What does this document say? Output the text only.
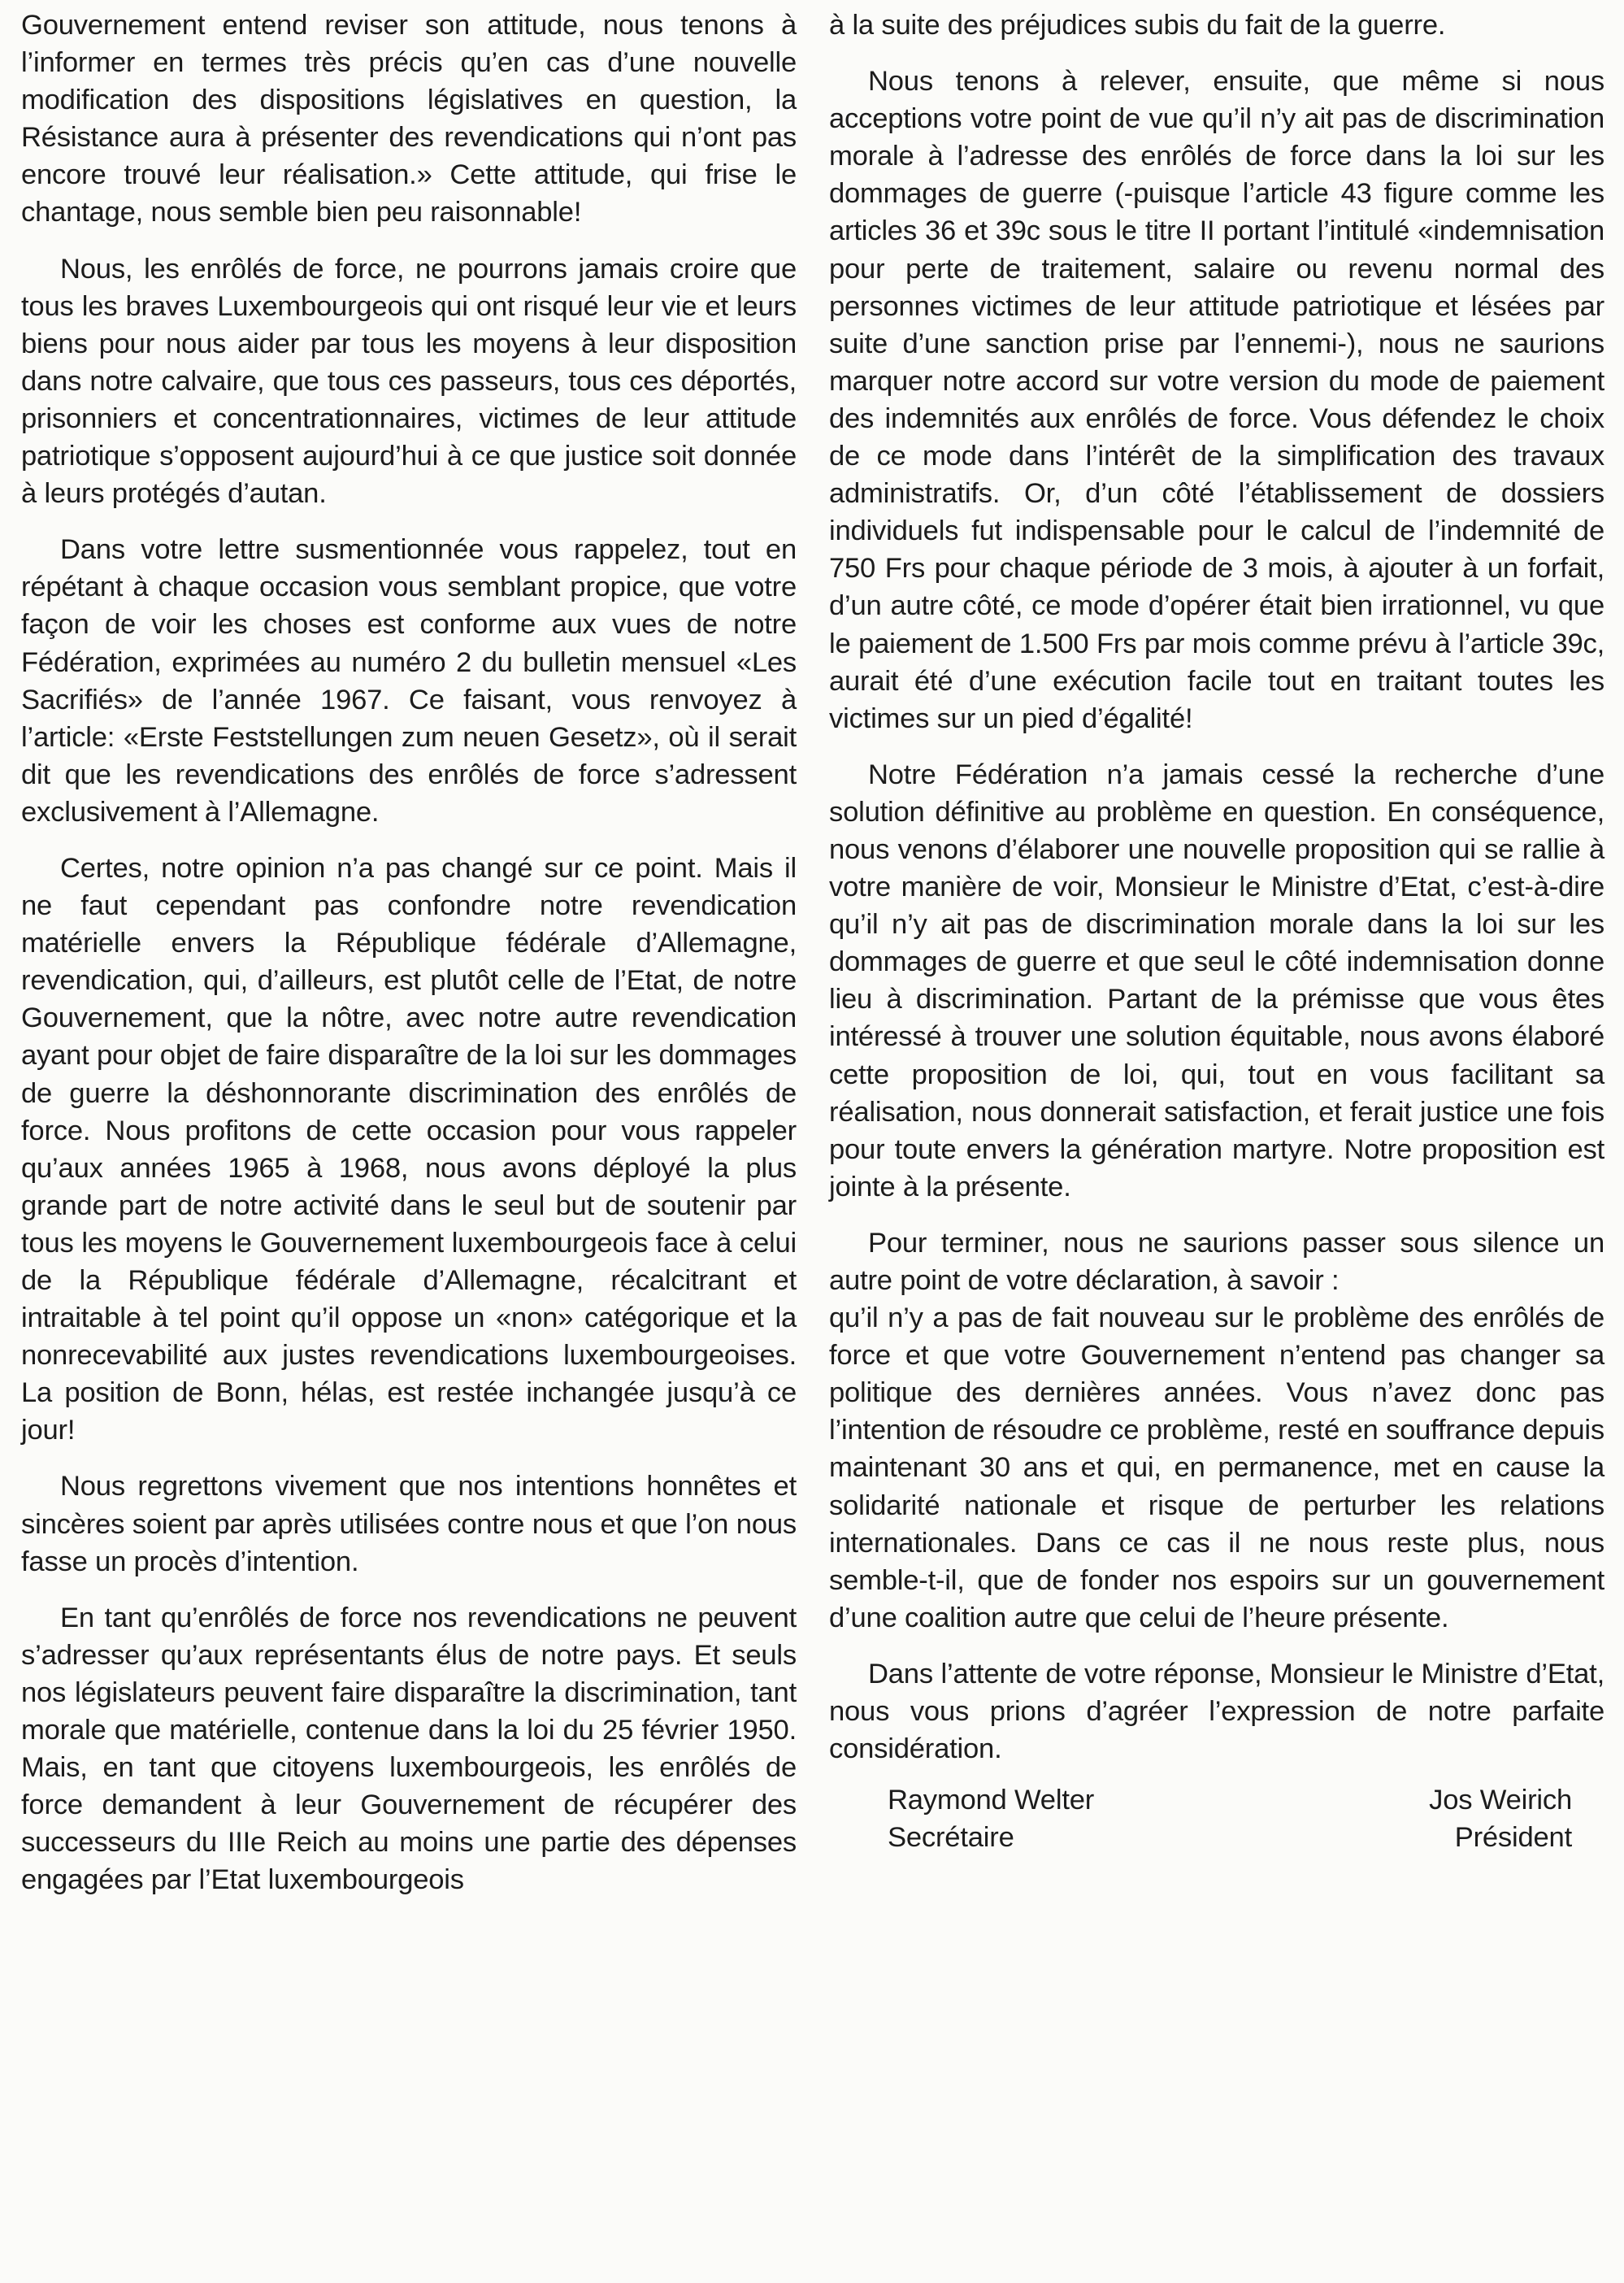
Gouvernement entend reviser son attitude, nous tenons à l’informer en termes très précis qu’en cas d’une nouvelle modification des dispositions législatives en question, la Résistance aura à présenter des revendications qui n’ont pas encore trouvé leur réalisation.» Cette attitude, qui frise le chantage, nous semble bien peu raisonnable!

Nous, les enrôlés de force, ne pourrons jamais croire que tous les braves Luxembourgeois qui ont risqué leur vie et leurs biens pour nous aider par tous les moyens à leur disposition dans notre calvaire, que tous ces passeurs, tous ces déportés, prisonniers et concentrationnaires, victimes de leur attitude patriotique s’opposent aujourd’hui à ce que justice soit donnée à leurs protégés d’autan.

Dans votre lettre susmentionnée vous rappelez, tout en répétant à chaque occasion vous semblant propice, que votre façon de voir les choses est conforme aux vues de notre Fédération, exprimées au numéro 2 du bulletin mensuel «Les Sacrifiés» de l’année 1967. Ce faisant, vous renvoyez à l’article: «Erste Feststellungen zum neuen Gesetz», où il serait dit que les revendications des enrôlés de force s’adressent exclusivement à l’Allemagne.

Certes, notre opinion n’a pas changé sur ce point. Mais il ne faut cependant pas confondre notre revendication matérielle envers la République fédérale d’Allemagne, revendication, qui, d’ailleurs, est plutôt celle de l’Etat, de notre Gouvernement, que la nôtre, avec notre autre revendication ayant pour objet de faire disparaître de la loi sur les dommages de guerre la déshonnorante discrimination des enrôlés de force. Nous profitons de cette occasion pour vous rappeler qu’aux années 1965 à 1968, nous avons déployé la plus grande part de notre activité dans le seul but de soutenir par tous les moyens le Gouvernement luxembourgeois face à celui de la République fédérale d’Allemagne, récalcitrant et intraitable à tel point qu’il oppose un «non» catégorique et la nonrecevabilité aux justes revendications luxembourgeoises. La position de Bonn, hélas, est restée inchangée jusqu’à ce jour!

Nous regrettons vivement que nos intentions honnêtes et sincères soient par après utilisées contre nous et que l’on nous fasse un procès d’intention.

En tant qu’enrôlés de force nos revendications ne peuvent s’adresser qu’aux représentants élus de notre pays. Et seuls nos législateurs peuvent faire disparaître la discrimination, tant morale que matérielle, contenue dans la loi du 25 février 1950. Mais, en tant que citoyens luxembourgeois, les enrôlés de force demandent à leur Gouvernement de récupérer des successeurs du IIIe Reich au moins une partie des dépenses engagées par l’Etat luxembourgeois

à la suite des préjudices subis du fait de la guerre.

Nous tenons à relever, ensuite, que même si nous acceptions votre point de vue qu’il n’y ait pas de discrimination morale à l’adresse des enrôlés de force dans la loi sur les dommages de guerre (-puisque l’article 43 figure comme les articles 36 et 39c sous le titre II portant l’intitulé «indemnisation pour perte de traitement, salaire ou revenu normal des personnes victimes de leur attitude patriotique et lésées par suite d’une sanction prise par l’ennemi-), nous ne saurions marquer notre accord sur votre version du mode de paiement des indemnités aux enrôlés de force. Vous défendez le choix de ce mode dans l’intérêt de la simplification des travaux administratifs. Or, d’un côté l’établissement de dossiers individuels fut indispensable pour le calcul de l’indemnité de 750 Frs pour chaque période de 3 mois, à ajouter à un forfait, d’un autre côté, ce mode d’opérer était bien irrationnel, vu que le paiement de 1.500 Frs par mois comme prévu à l’article 39c, aurait été d’une exécution facile tout en traitant toutes les victimes sur un pied d’égalité!

Notre Fédération n’a jamais cessé la recherche d’une solution définitive au problème en question. En conséquence, nous venons d’élaborer une nouvelle proposition qui se rallie à votre manière de voir, Monsieur le Ministre d’Etat, c’est-à-dire qu’il n’y ait pas de discrimination morale dans la loi sur les dommages de guerre et que seul le côté indemnisation donne lieu à discrimination. Partant de la prémisse que vous êtes intéressé à trouver une solution équitable, nous avons élaboré cette proposition de loi, qui, tout en vous facilitant sa réalisation, nous donnerait satisfaction, et ferait justice une fois pour toute envers la génération martyre. Notre proposition est jointe à la présente.

Pour terminer, nous ne saurions passer sous silence un autre point de votre déclaration, à savoir :

qu’il n’y a pas de fait nouveau sur le problème des enrôlés de force et que votre Gouvernement n’entend pas changer sa politique des dernières années. Vous n’avez donc pas l’intention de résoudre ce problème, resté en souffrance depuis maintenant 30 ans et qui, en permanence, met en cause la solidarité nationale et risque de perturber les relations internationales. Dans ce cas il ne nous reste plus, nous semble-t-il, que de fonder nos espoirs sur un gouvernement d’une coalition autre que celui de l’heure présente.

Dans l’attente de votre réponse, Monsieur le Ministre d’Etat, nous vous prions d’agréer l’expression de notre parfaite considération.

Raymond Welter
Secrétaire
Jos Weirich
Président
